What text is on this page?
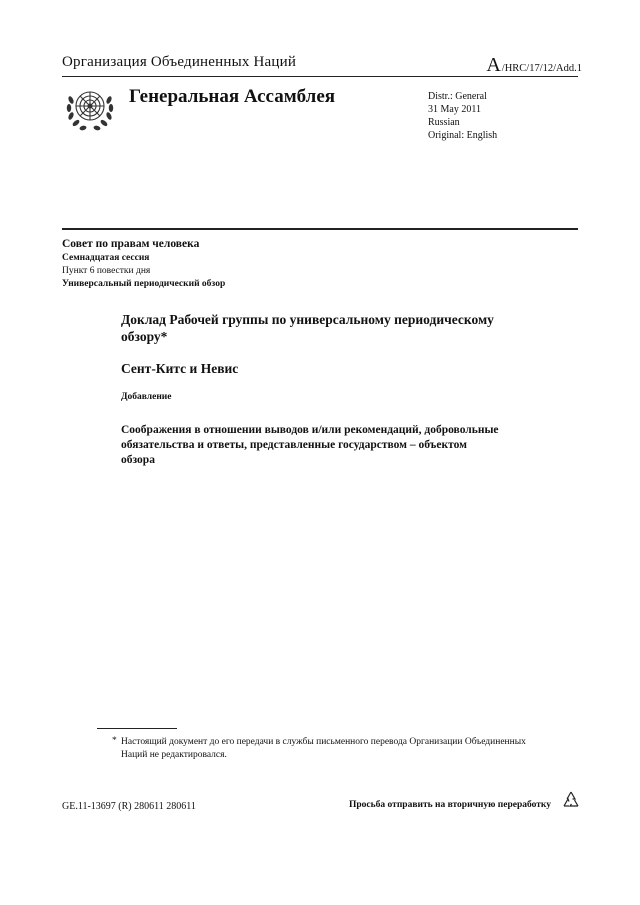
Организация Объединенных Наций	A /HRC/17/12/Add.1
Генеральная Ассамблея	Distr.: General
31 May 2011
Russian
Original: English
Совет по правам человека
Семнадцатая сессия
Пункт 6 повестки дня
Универсальный периодический обзор
Доклад Рабочей группы по универсальному периодическому обзору*
Сент-Китс и Невис
Добавление
Соображения в отношении выводов и/или рекомендаций, добровольные обязательства и ответы, представленные государством – объектом обзора
* Настоящий документ до его передачи в службы письменного перевода Организации Объединенных Наций не редактировался.
GE.11-13697 (R) 280611 280611	Просьба отправить на вторичную переработку
